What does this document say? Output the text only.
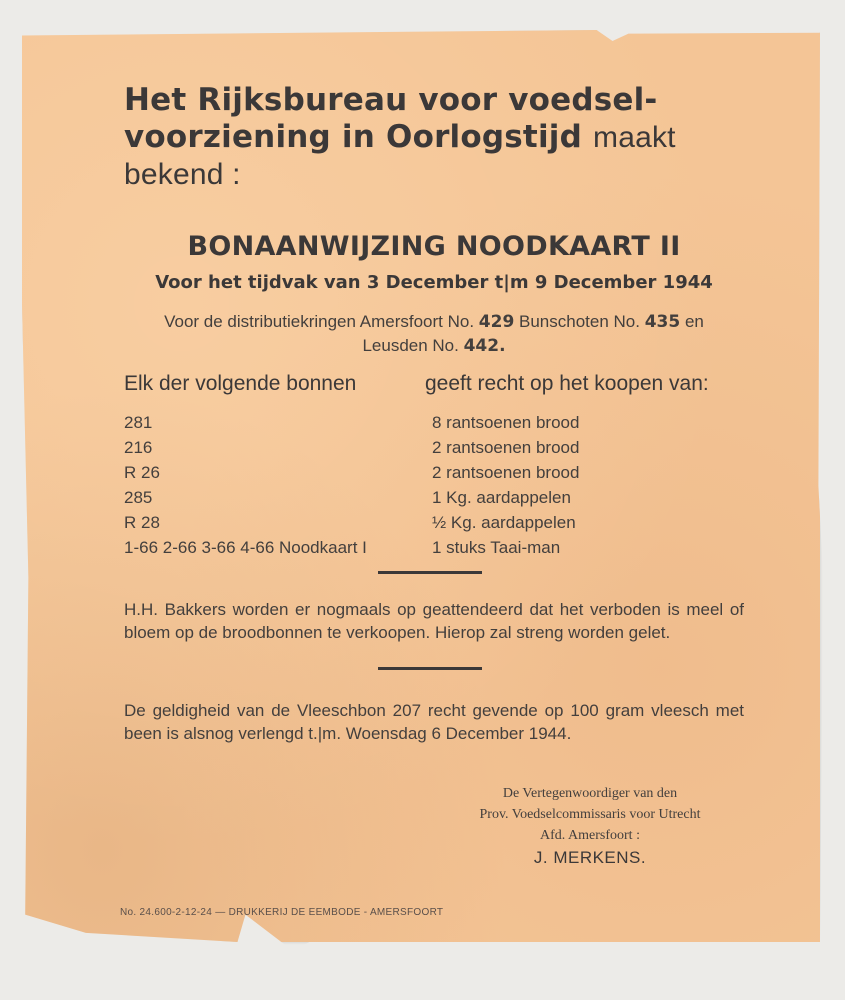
Het Rijksbureau voor voedsel-
voorziening in Oorlogstijd maakt
bekend :
BONAANWIJZING NOODKAART II
Voor het tijdvak van 3 December t|m 9 December 1944
Voor de distributiekringen Amersfoort No. 429 Bunschoten No. 435 en
Leusden No. 442.
Elk der volgende bonnen	geeft recht op het koopen van:
281
216
R 26
285
R 28
1-66 2-66 3-66 4-66 Noodkaart I
8 rantsoenen brood
2 rantsoenen brood
2 rantsoenen brood
1 Kg. aardappelen
½ Kg. aardappelen
1 stuks Taai-man
H.H. Bakkers worden er nogmaals op geattendeerd dat het verboden is meel of bloem op de broodbonnen te verkoopen. Hierop zal streng worden gelet.
De geldigheid van de Vleeschbon 207 recht gevende op 100 gram vleesch met been is alsnog verlengd t.|m. Woensdag 6 December 1944.
De Vertegenwoordiger van den
Prov. Voedselcommissaris voor Utrecht
Afd. Amersfoort :
J. MERKENS.
No. 24.600-2-12-24 — DRUKKERIJ DE EEMBODE - AMERSFOORT
